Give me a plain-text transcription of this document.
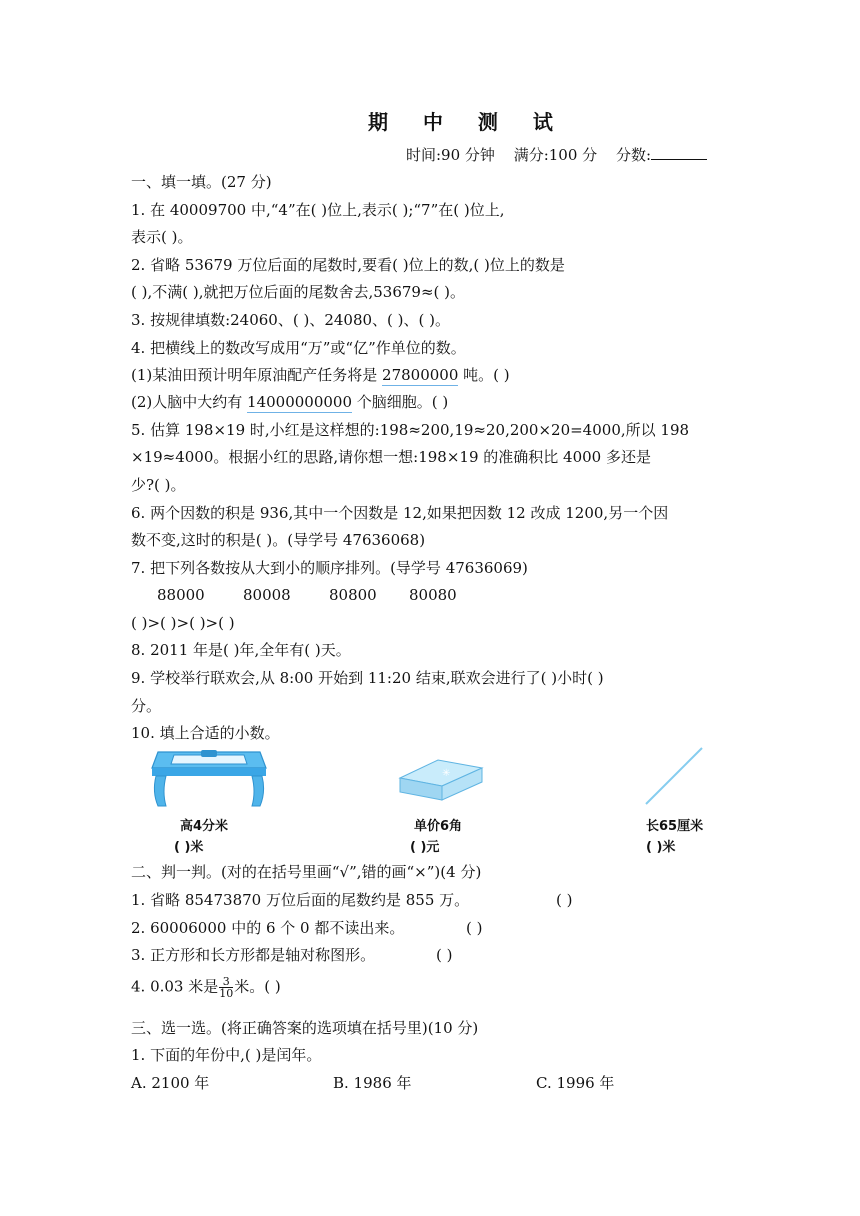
期 中 测 试
时间:90 分钟 满分:100 分 分数:
一、填一填。(27 分)
1. 在 40009700 中,“4”在( )位上,表示( );“7”在( )位上,
表示( )。
2. 省略 53679 万位后面的尾数时,要看( )位上的数,( )位上的数是
( ),不满( ),就把万位后面的尾数舍去,53679≈( )。
3. 按规律填数:24060、( )、24080、( )、( )。
4. 把横线上的数改写成用“万”或“亿”作单位的数。
(1)某油田预计明年原油配产任务将是 27800000 吨。( )
(2)人脑中大约有 14000000000 个脑细胞。( )
5. 估算 198×19 时,小红是这样想的:198≈200,19≈20,200×20=4000,所以 198
×19≈4000。根据小红的思路,请你想一想:198×19 的准确积比 4000 多还是
少?( )。
6. 两个因数的积是 936,其中一个因数是 12,如果把因数 12 改成 1200,另一个因
数不变,这时的积是( )。(导学号 47636068)
7. 把下列各数按从大到小的顺序排列。(导学号 47636069)
88000	80008	80800 80080
( )>( )>( )>( )
8. 2011 年是( )年,全年有( )天。
9. 学校举行联欢会,从 8:00 开始到 11:20 结束,联欢会进行了( )小时( )
分。
10. 填上合适的小数。
✳
高4分米
( )米
单价6角
( )元
长65厘米
( )米
二、判一判。(对的在括号里画“√”,错的画“×”)(4 分)
1. 省略 85473870 万位后面的尾数约是 855 万。	( )
2. 60006000 中的 6 个 0 都不读出来。	( )
3. 正方形和长方形都是轴对称图形。	( )
4. 0.03 米是 $\frac{3}{10}$ 米。( )
三、选一选。(将正确答案的选项填在括号里)(10 分)
1. 下面的年份中,( )是闰年。
A. 2100 年	B. 1986 年	C. 1996 年
